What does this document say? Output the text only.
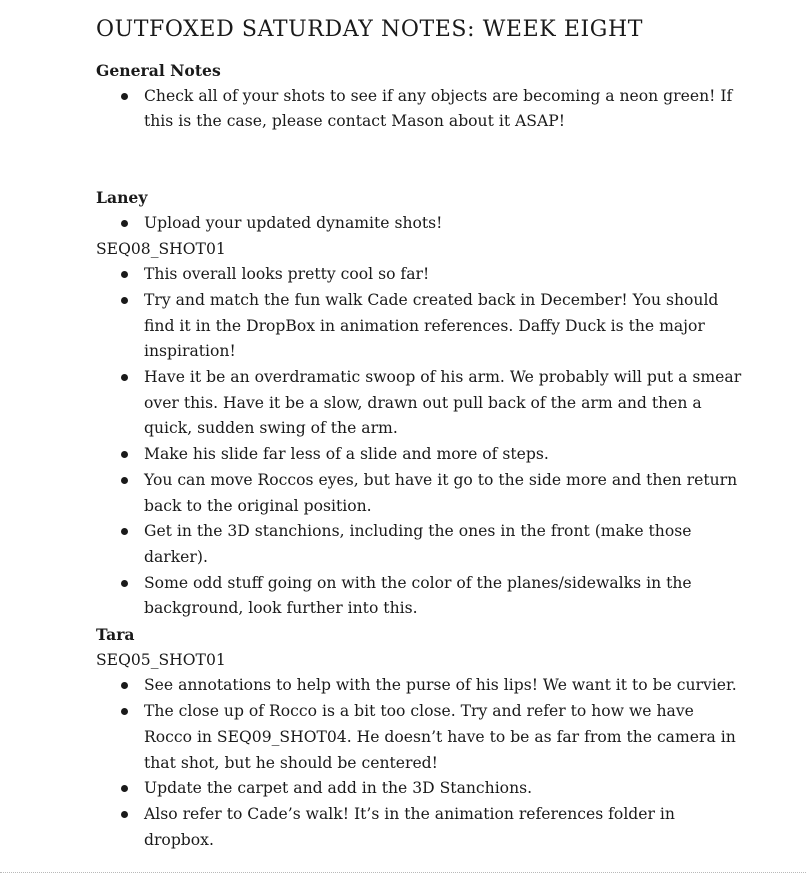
OUTFOXED SATURDAY NOTES: WEEK EIGHT

General Notes

Check all of your shots to see if any objects are becoming a neon green! If this is the case, please contact Mason about it ASAP!

Laney

Upload your updated dynamite shots!

SEQ08_SHOT01

This overall looks pretty cool so far!
Try and match the fun walk Cade created back in December! You should find it in the DropBox in animation references. Daffy Duck is the major inspiration!
Have it be an overdramatic swoop of his arm. We probably will put a smear over this. Have it be a slow, drawn out pull back of the arm and then a quick, sudden swing of the arm.
Make his slide far less of a slide and more of steps.
You can move Roccos eyes, but have it go to the side more and then return back to the original position.
Get in the 3D stanchions, including the ones in the front (make those darker).
Some odd stuff going on with the color of the planes/sidewalks in the background, look further into this.

Tara

SEQ05_SHOT01

See annotations to help with the purse of his lips! We want it to be curvier.
The close up of Rocco is a bit too close. Try and refer to how we have Rocco in SEQ09_SHOT04. He doesn’t have to be as far from the camera in that shot, but he should be centered!
Update the carpet and add in the 3D Stanchions.
Also refer to Cade’s walk! It’s in the animation references folder in dropbox.
